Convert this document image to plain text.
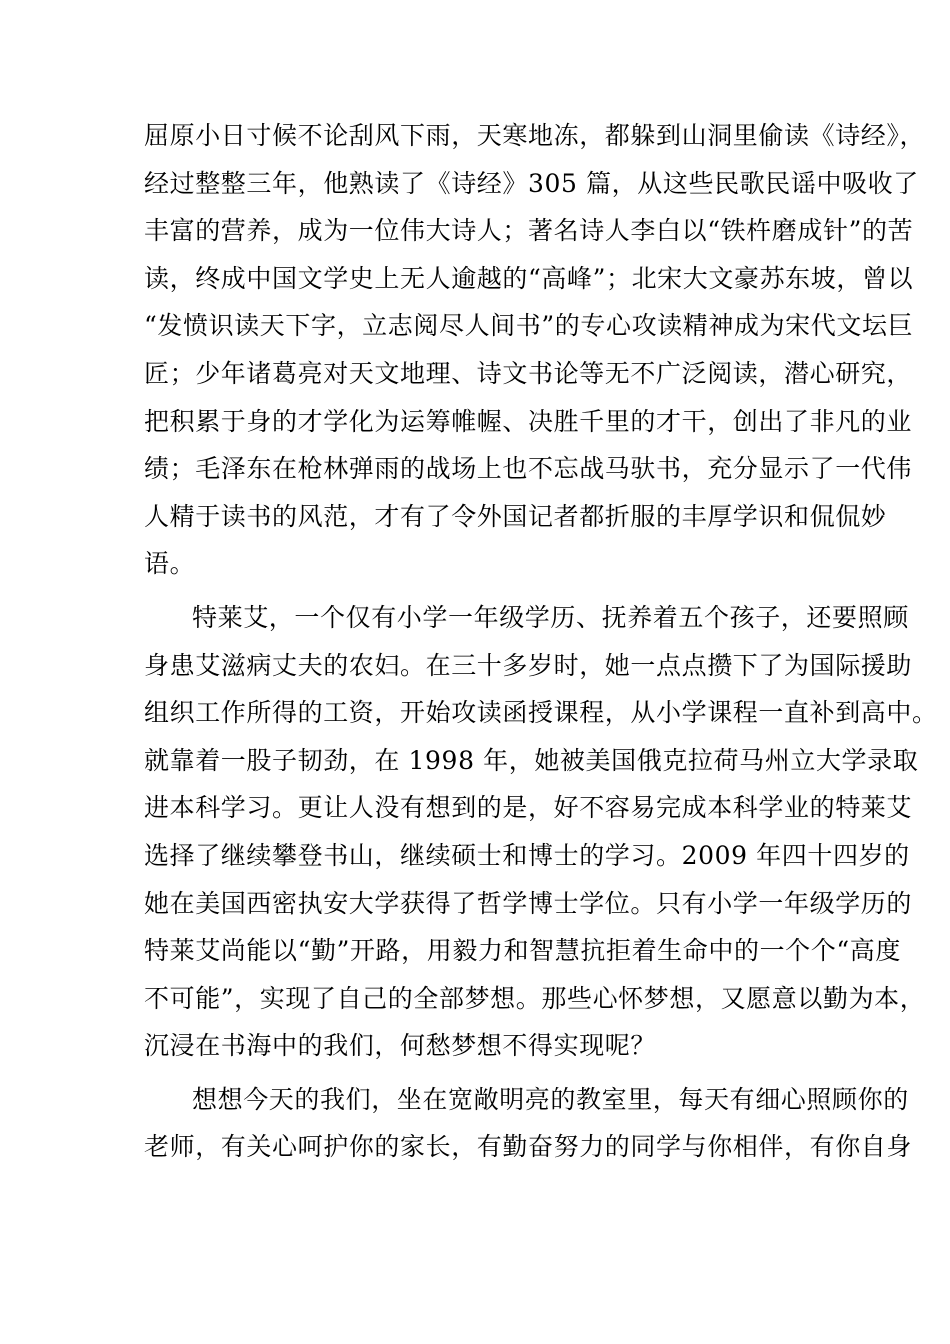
屈原小日寸候不论刮风下雨，天寒地冻，都躲到山洞里偷读《诗经》，
经过整整三年，他熟读了《诗经》305 篇，从这些民歌民谣中吸收了
丰富的营养，成为一位伟大诗人；著名诗人李白以“铁杵磨成针”的苦
读，终成中国文学史上无人逾越的“高峰”；北宋大文豪苏东坡，曾以
“发愤识读天下字，立志阅尽人间书”的专心攻读精神成为宋代文坛巨
匠；少年诸葛亮对天文地理、诗文书论等无不广泛阅读，潜心研究，
把积累于身的才学化为运筹帷幄、决胜千里的才干，创出了非凡的业
绩；毛泽东在枪林弹雨的战场上也不忘战马驮书，充分显示了一代伟
人精于读书的风范，才有了令外国记者都折服的丰厚学识和侃侃妙
语。
特莱艾，一个仅有小学一年级学历、抚养着五个孩子，还要照顾
身患艾滋病丈夫的农妇。在三十多岁时，她一点点攒下了为国际援助
组织工作所得的工资，开始攻读函授课程，从小学课程一直补到高中。
就靠着一股子韧劲，在 1998 年，她被美国俄克拉荷马州立大学录取
进本科学习。更让人没有想到的是，好不容易完成本科学业的特莱艾
选择了继续攀登书山，继续硕士和博士的学习。2009 年四十四岁的
她在美国西密执安大学获得了哲学博士学位。只有小学一年级学历的
特莱艾尚能以“勤”开路，用毅力和智慧抗拒着生命中的一个个“高度
不可能”，实现了自己的全部梦想。那些心怀梦想，又愿意以勤为本，
沉浸在书海中的我们，何愁梦想不得实现呢？
想想今天的我们，坐在宽敞明亮的教室里，每天有细心照顾你的
老师，有关心呵护你的家长，有勤奋努力的同学与你相伴，有你自身
